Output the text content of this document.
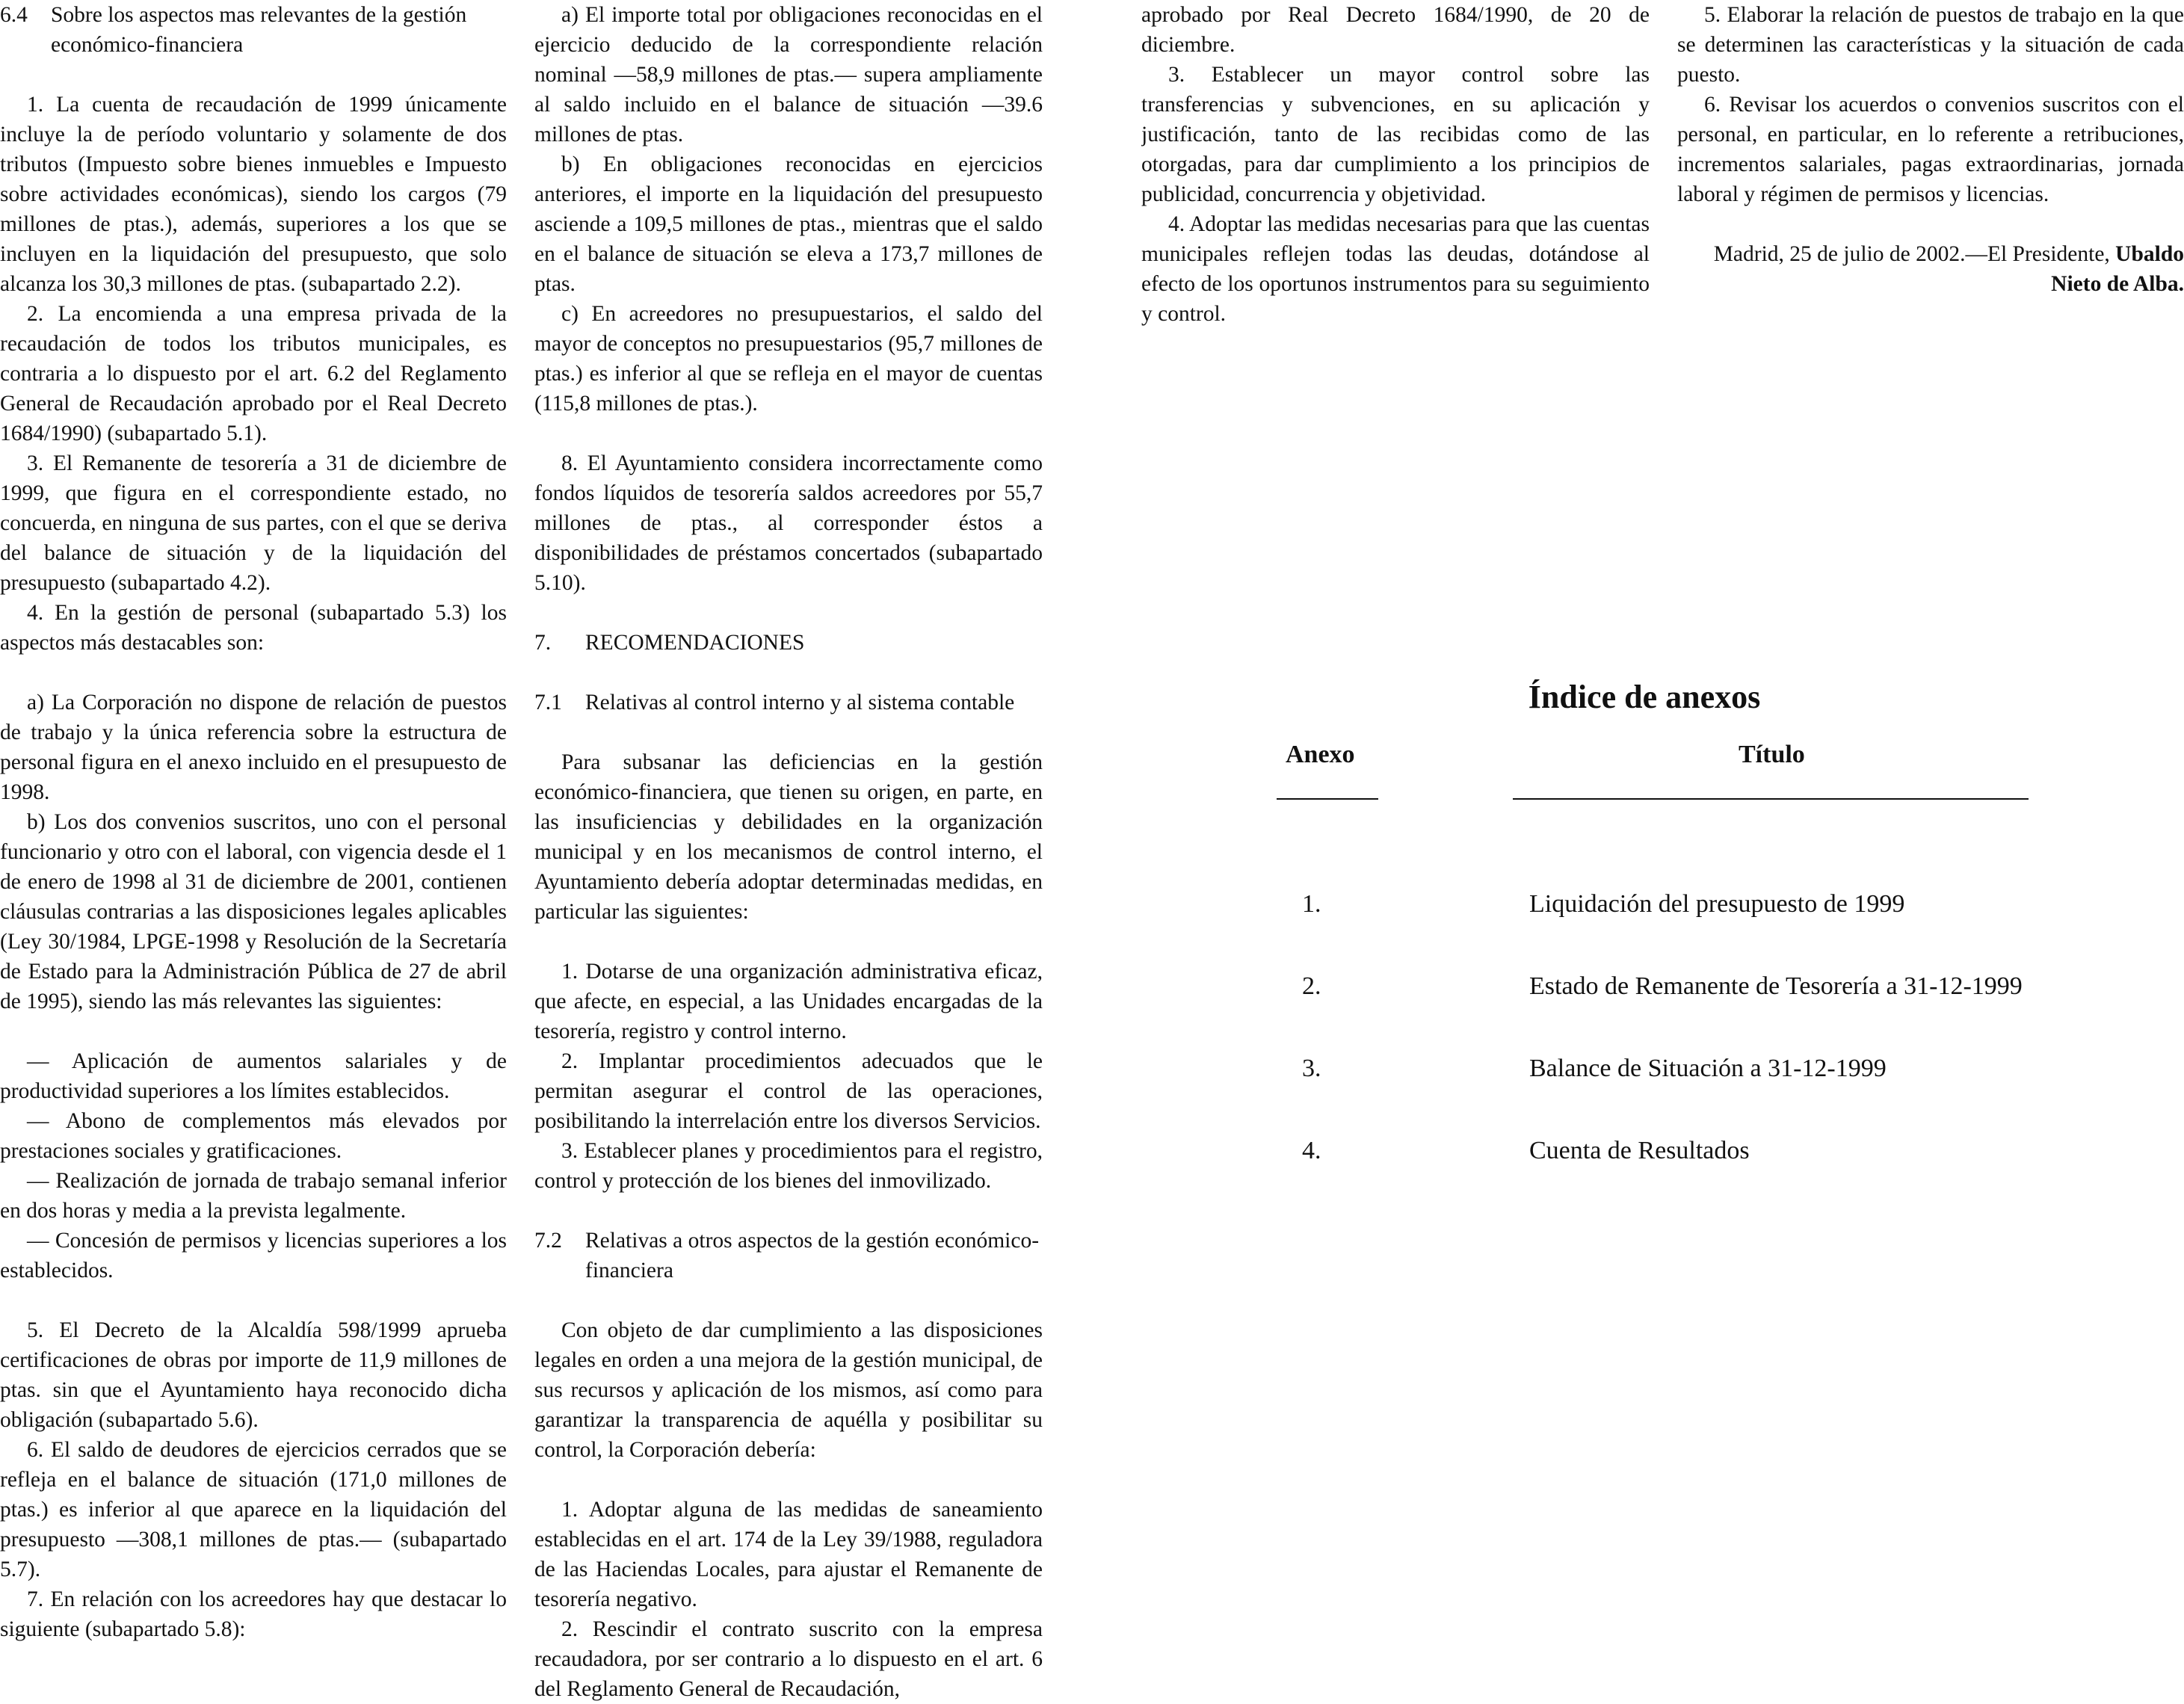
6.4	Sobre los aspectos mas relevantes de la gestión económico-financiera

1. La cuenta de recaudación de 1999 únicamente incluye la de período voluntario y solamente de dos tributos (Impuesto sobre bienes inmuebles e Impuesto sobre actividades económicas), siendo los cargos (79 millones de ptas.), además, superiores a los que se incluyen en la liquidación del presupuesto, que solo alcanza los 30,3 millones de ptas. (subapartado 2.2).

2. La encomienda a una empresa privada de la recaudación de todos los tributos municipales, es contraria a lo dispuesto por el art. 6.2 del Reglamento General de Recaudación aprobado por el Real Decreto 1684/1990) (subapartado 5.1).

3. El Remanente de tesorería a 31 de diciembre de 1999, que figura en el correspondiente estado, no concuerda, en ninguna de sus partes, con el que se deriva del balance de situación y de la liquidación del presupuesto (subapartado 4.2).

4. En la gestión de personal (subapartado 5.3) los aspectos más destacables son:

a) La Corporación no dispone de relación de puestos de trabajo y la única referencia sobre la estructura de personal figura en el anexo incluido en el presupuesto de 1998.

b) Los dos convenios suscritos, uno con el personal funcionario y otro con el laboral, con vigencia desde el 1 de enero de 1998 al 31 de diciembre de 2001, contienen cláusulas contrarias a las disposiciones legales aplicables (Ley 30/1984, LPGE-1998 y Resolución de la Secretaría de Estado para la Administración Pública de 27 de abril de 1995), siendo las más relevantes las siguientes:

— Aplicación de aumentos salariales y de productividad superiores a los límites establecidos.

— Abono de complementos más elevados por prestaciones sociales y gratificaciones.

— Realización de jornada de trabajo semanal inferior en dos horas y media a la prevista legalmente.

— Concesión de permisos y licencias superiores a los establecidos.

5. El Decreto de la Alcaldía 598/1999 aprueba certificaciones de obras por importe de 11,9 millones de ptas. sin que el Ayuntamiento haya reconocido dicha obligación (subapartado 5.6).

6. El saldo de deudores de ejercicios cerrados que se refleja en el balance de situación (171,0 millones de ptas.) es inferior al que aparece en la liquidación del presupuesto —308,1 millones de ptas.— (subapartado 5.7).

7. En relación con los acreedores hay que destacar lo siguiente (subapartado 5.8):

a) El importe total por obligaciones reconocidas en el ejercicio deducido de la correspondiente relación nominal —58,9 millones de ptas.— supera ampliamente al saldo incluido en el balance de situación —39.6 millones de ptas.

b) En obligaciones reconocidas en ejercicios anteriores, el importe en la liquidación del presupuesto asciende a 109,5 millones de ptas., mientras que el saldo en el balance de situación se eleva a 173,7 millones de ptas.

c) En acreedores no presupuestarios, el saldo del mayor de conceptos no presupuestarios (95,7 millones de ptas.) es inferior al que se refleja en el mayor de cuentas (115,8 millones de ptas.).

8. El Ayuntamiento considera incorrectamente como fondos líquidos de tesorería saldos acreedores por 55,7 millones de ptas., al corresponder éstos a disponibilidades de préstamos concertados (subapartado 5.10).

7.	RECOMENDACIONES
7.1	Relativas al control interno y al sistema contable

Para subsanar las deficiencias en la gestión económico-financiera, que tienen su origen, en parte, en las insuficiencias y debilidades en la organización municipal y en los mecanismos de control interno, el Ayuntamiento debería adoptar determinadas medidas, en particular las siguientes:

1. Dotarse de una organización administrativa eficaz, que afecte, en especial, a las Unidades encargadas de la tesorería, registro y control interno.

2. Implantar procedimientos adecuados que le permitan asegurar el control de las operaciones, posibilitando la interrelación entre los diversos Servicios.

3. Establecer planes y procedimientos para el registro, control y protección de los bienes del inmovilizado.

7.2	Relativas a otros aspectos de la gestión económico-financiera

Con objeto de dar cumplimiento a las disposiciones legales en orden a una mejora de la gestión municipal, de sus recursos y aplicación de los mismos, así como para garantizar la transparencia de aquélla y posibilitar su control, la Corporación debería:

1. Adoptar alguna de las medidas de saneamiento establecidas en el art. 174 de la Ley 39/1988, reguladora de las Haciendas Locales, para ajustar el Remanente de tesorería negativo.

2. Rescindir el contrato suscrito con la empresa recaudadora, por ser contrario a lo dispuesto en el art. 6 del Reglamento General de Recaudación,

aprobado por Real Decreto 1684/1990, de 20 de diciembre.

3. Establecer un mayor control sobre las transferencias y subvenciones, en su aplicación y justificación, tanto de las recibidas como de las otorgadas, para dar cumplimiento a los principios de publicidad, concurrencia y objetividad.

4. Adoptar las medidas necesarias para que las cuentas municipales reflejen todas las deudas, dotándose al efecto de los oportunos instrumentos para su seguimiento y control.

5. Elaborar la relación de puestos de trabajo en la que se determinen las características y la situación de cada puesto.

6. Revisar los acuerdos o convenios suscritos con el personal, en particular, en lo referente a retribuciones, incrementos salariales, pagas extraordinarias, jornada laboral y régimen de permisos y licencias.

Madrid, 25 de julio de 2002.—El Presidente, Ubaldo Nieto de Alba.

Índice de anexos
Anexo	Título
1.	Liquidación del presupuesto de 1999
2.	Estado de Remanente de Tesorería a 31-12-1999
3.	Balance de Situación a 31-12-1999
4.	Cuenta de Resultados
